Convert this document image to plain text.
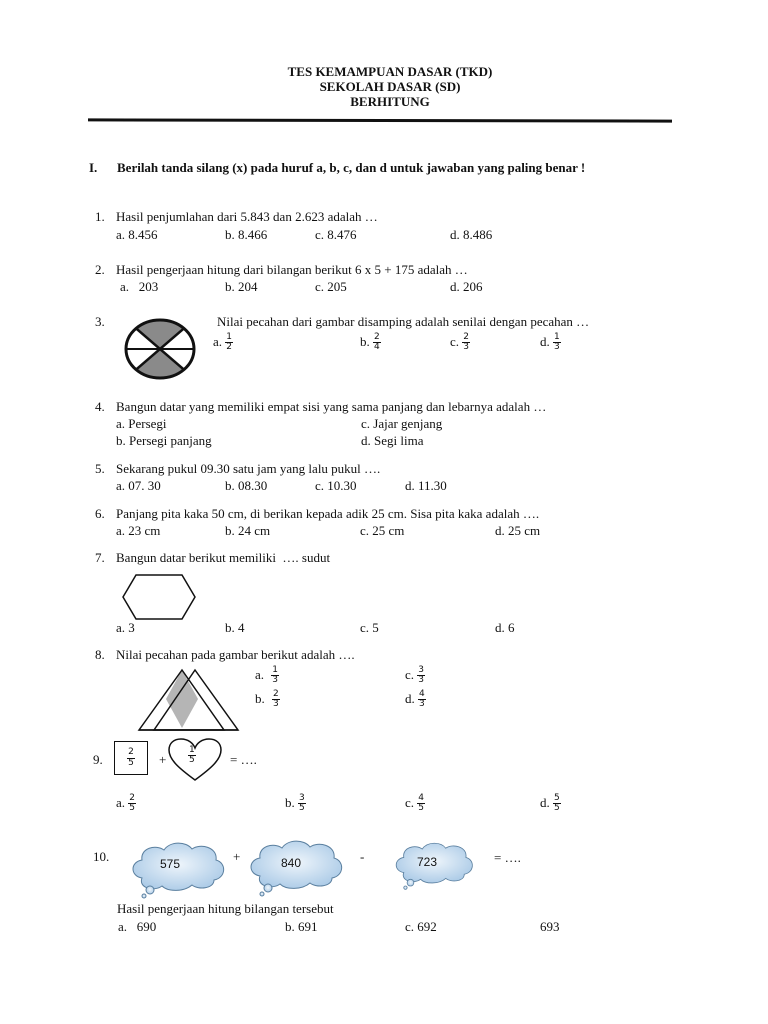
TES KEMAMPUAN DASAR (TKD)
SEKOLAH DASAR (SD)
BERHITUNG
I. Berilah tanda silang (x) pada huruf a, b, c, dan d untuk jawaban yang paling benar !
1. Hasil penjumlahan dari 5.843 dan 2.623 adalah …
a. 8.456	b. 8.466	c. 8.476	d. 8.486
2. Hasil pengerjaan hitung dari bilangan berikut 6 x 5 + 175 adalah …
a.   203	b. 204	c. 205	d. 206
3.	Nilai pecahan dari gambar disamping adalah senilai dengan pecahan …
a. $\frac{1}{2}$	b. $\frac{2}{4}$	c. $\frac{2}{3}$	d. $\frac{1}{3}$
4. Bangun datar yang memiliki empat sisi yang sama panjang dan lebarnya adalah …
a. Persegi	c. Jajar genjang
b. Persegi panjang	d. Segi lima
5. Sekarang pukul 09.30 satu jam yang lalu pukul ….
a. 07. 30	b. 08.30	c. 10.30	d. 11.30
6. Panjang pita kaka 50 cm, di berikan kepada adik 25 cm. Sisa pita kaka adalah ….
a. 23 cm	b. 24 cm	c. 25 cm	d. 25 cm
7. Bangun datar berikut memiliki  …. sudut
a. 3	b. 4	c. 5	d. 6
8. Nilai pecahan pada gambar berikut adalah ….
a. $\frac{1}{3}$	c. $\frac{3}{3}$
b. $\frac{2}{3}$	d. $\frac{4}{3}$
9.	2
$5 + \frac{1}{5}$	= ….
a. $\frac{2}{5}$	b. $\frac{3}{5}$	c. $\frac{4}{5}$	d. $\frac{5}{5}$
10.	575	+	840	-	723	= ….
Hasil pengerjaan hitung bilangan tersebut
a.   690	b. 691	c. 692	693
